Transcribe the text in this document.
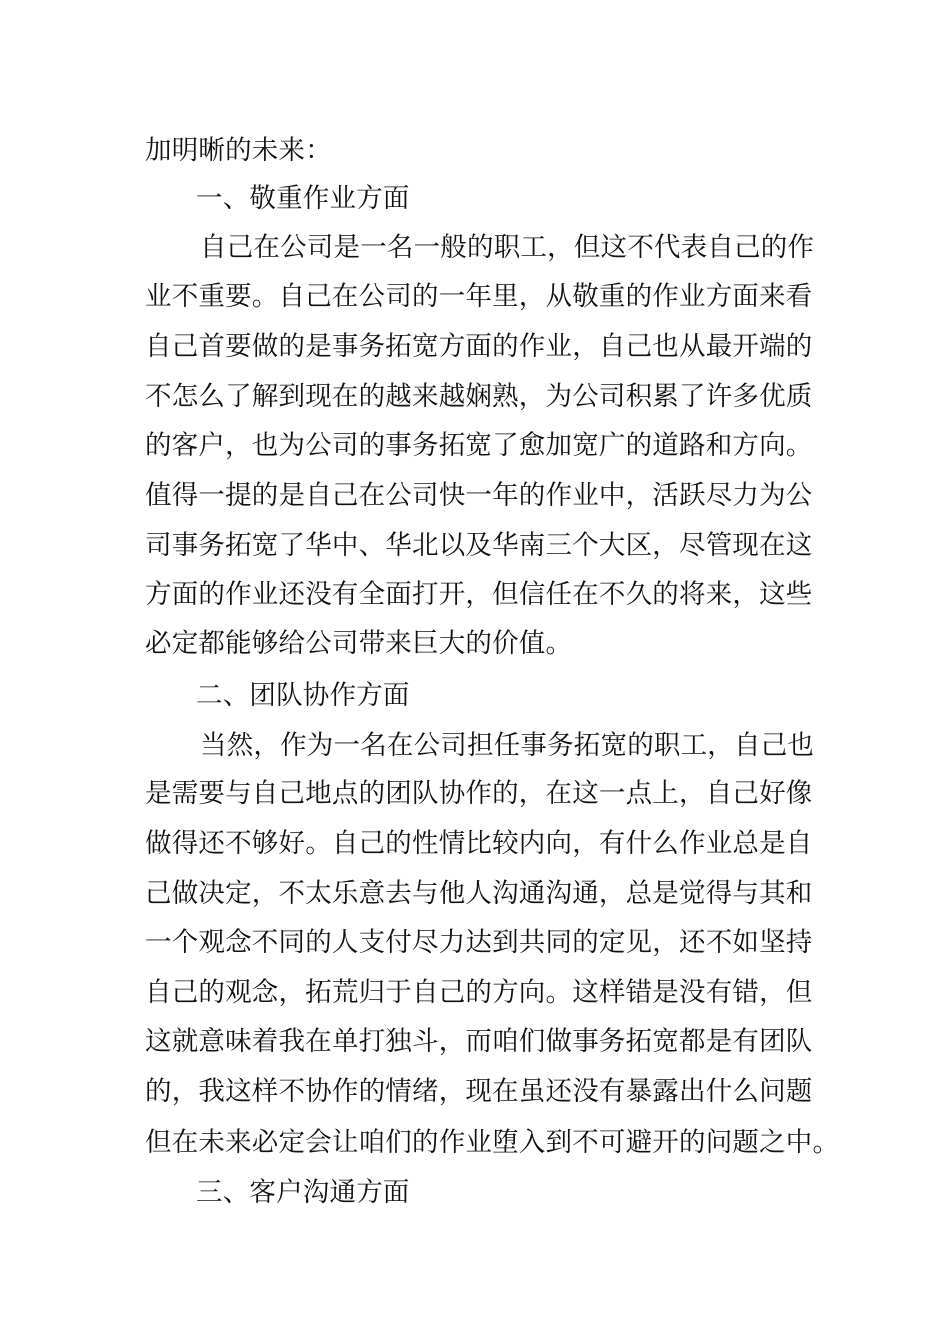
加明晰的未来：
一、敬重作业方面
自己在公司是一名一般的职工，但这不代表自己的作
业不重要。自己在公司的一年里，从敬重的作业方面来看
自己首要做的是事务拓宽方面的作业，自己也从最开端的
不怎么了解到现在的越来越娴熟，为公司积累了许多优质
的客户，也为公司的事务拓宽了愈加宽广的道路和方向。
值得一提的是自己在公司快一年的作业中，活跃尽力为公
司事务拓宽了华中、华北以及华南三个大区，尽管现在这
方面的作业还没有全面打开，但信任在不久的将来，这些
必定都能够给公司带来巨大的价值。
二、团队协作方面
当然，作为一名在公司担任事务拓宽的职工，自己也
是需要与自己地点的团队协作的，在这一点上，自己好像
做得还不够好。自己的性情比较内向，有什么作业总是自
己做决定，不太乐意去与他人沟通沟通，总是觉得与其和
一个观念不同的人支付尽力达到共同的定见，还不如坚持
自己的观念，拓荒归于自己的方向。这样错是没有错，但
这就意味着我在单打独斗，而咱们做事务拓宽都是有团队
的，我这样不协作的情绪，现在虽还没有暴露出什么问题
但在未来必定会让咱们的作业堕入到不可避开的问题之中。
三、客户沟通方面
